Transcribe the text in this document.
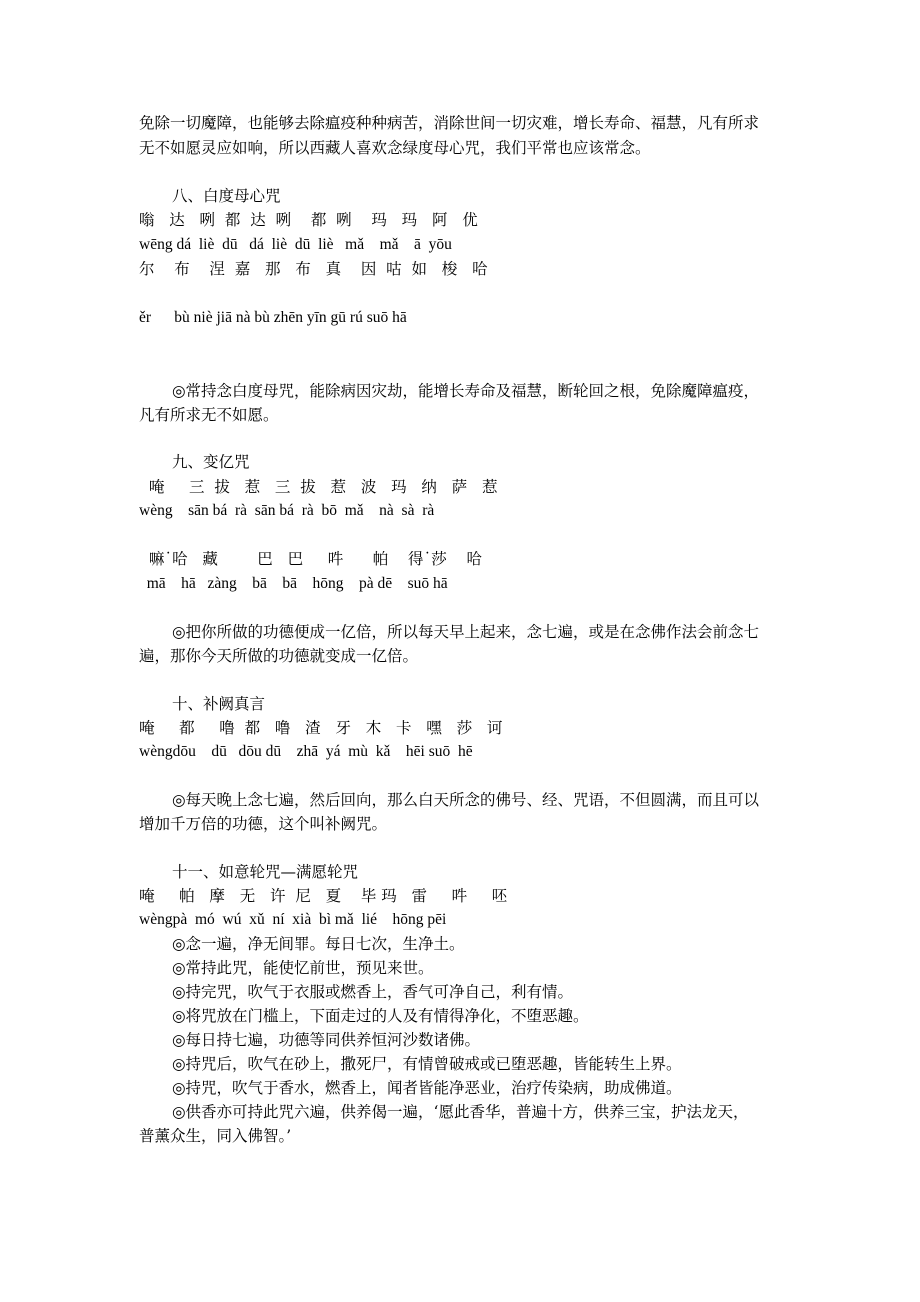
免除一切魔障，也能够去除瘟疫种种病苦，消除世间一切灾难，增长寿命、福慧，凡有所求
无不如愿灵应如响，所以西藏人喜欢念绿度母心咒，我们平常也应该常念。
八、白度母心咒
嗡   达   咧  都  达  咧    都  咧    玛   玛   阿   优
wēng dá  liè  dū   dá  liè  dū  liè   mǎ    mǎ    ā  yōu
尔    布    涅  嘉   那   布   真    因  咕  如   梭   哈
ěr      bù niè jiā nà bù zhēn yīn gū rú suō hā
◎常持念白度母咒，能除病因灾劫，能增长寿命及福慧，断轮回之根，免除魔障瘟疫，
凡有所求无不如愿。
九、变亿咒
唵     三  拔   惹   三  拔   惹   波   玛   纳   萨   惹
wèng    sān bá  rà  sān bá  rà  bō  mǎ    nà  sà  rà
嘛˙哈   藏        巴   巴     吽      帕    得˙莎    哈
mā    hā   zàng    bā    bā    hōng    pà dē    suō hā
◎把你所做的功德便成一亿倍，所以每天早上起来，念七遍，或是在念佛作法会前念七
遍，那你今天所做的功德就变成一亿倍。
十、补阙真言
唵     都     噜  都   噜   渣   牙   木   卡   嘿   莎   诃
wèngdōu    dū   dōu dū    zhā  yá  mù  kǎ    hēi suō  hē
◎每天晚上念七遍，然后回向，那么白天所念的佛号、经、咒语，不但圆满，而且可以
增加千万倍的功德，这个叫补阙咒。
十一、如意轮咒—满愿轮咒
唵     帕   摩   无   许  尼   夏    毕 玛   雷     吽     呸
wèngpà  mó  wú  xǔ  ní  xià  bì mǎ  lié    hōng pēi
◎念一遍，净无间罪。每日七次，生净土。
◎常持此咒，能使忆前世，预见来世。
◎持完咒，吹气于衣服或燃香上，香气可净自己，利有情。
◎将咒放在门槛上，下面走过的人及有情得净化，不堕恶趣。
◎每日持七遍，功德等同供养恒河沙数诸佛。
◎持咒后，吹气在砂上，撒死尸，有情曾破戒或已堕恶趣，皆能转生上界。
◎持咒，吹气于香水，燃香上，闻者皆能净恶业，治疗传染病，助成佛道。
◎供香亦可持此咒六遍，供养偈一遍，‘愿此香华，普遍十方，供养三宝，护法龙天，
普薰众生，同入佛智。’
